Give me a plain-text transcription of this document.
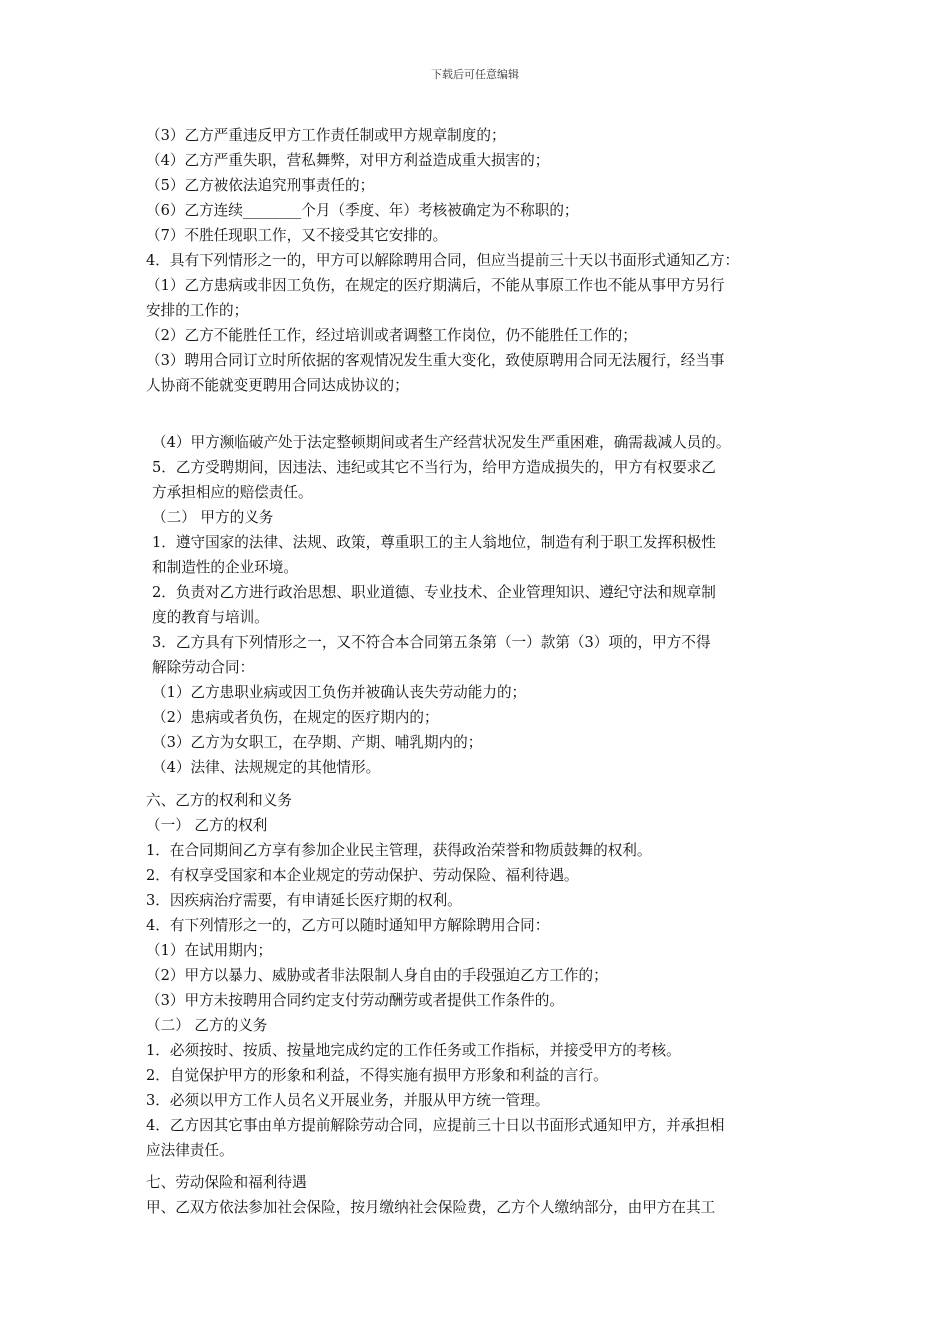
下载后可任意编辑
（3）乙方严重违反甲方工作责任制或甲方规章制度的；
（4）乙方严重失职，营私舞弊，对甲方利益造成重大损害的；
（5）乙方被依法追究刑事责任的；
（6）乙方连续________个月（季度、年）考核被确定为不称职的；
（7）不胜任现职工作，又不接受其它安排的。
4．具有下列情形之一的，甲方可以解除聘用合同，但应当提前三十天以书面形式通知乙方：
（1）乙方患病或非因工负伤，在规定的医疗期满后，不能从事原工作也不能从事甲方另行
安排的工作的；
（2）乙方不能胜任工作，经过培训或者调整工作岗位，仍不能胜任工作的；
（3）聘用合同订立时所依据的客观情况发生重大变化，致使原聘用合同无法履行，经当事
人协商不能就变更聘用合同达成协议的；
（4）甲方濒临破产处于法定整顿期间或者生产经营状况发生严重困难，确需裁减人员的。
5．乙方受聘期间，因违法、违纪或其它不当行为，给甲方造成损失的，甲方有权要求乙
方承担相应的赔偿责任。
（二） 甲方的义务
1．遵守国家的法律、法规、政策，尊重职工的主人翁地位，制造有利于职工发挥积极性
和制造性的企业环境。
2．负责对乙方进行政治思想、职业道德、专业技术、企业管理知识、遵纪守法和规章制
度的教育与培训。
3．乙方具有下列情形之一，又不符合本合同第五条第（一）款第（3）项的，甲方不得
解除劳动合同：
（1）乙方患职业病或因工负伤并被确认丧失劳动能力的；
（2）患病或者负伤，在规定的医疗期内的；
（3）乙方为女职工，在孕期、产期、哺乳期内的；
（4）法律、法规规定的其他情形。
六、乙方的权利和义务
（一） 乙方的权利
1．在合同期间乙方享有参加企业民主管理，获得政治荣誉和物质鼓舞的权利。
2．有权享受国家和本企业规定的劳动保护、劳动保险、福利待遇。
3．因疾病治疗需要，有申请延长医疗期的权利。
4．有下列情形之一的，乙方可以随时通知甲方解除聘用合同：
（1）在试用期内；
（2）甲方以暴力、威胁或者非法限制人身自由的手段强迫乙方工作的；
（3）甲方未按聘用合同约定支付劳动酬劳或者提供工作条件的。
（二） 乙方的义务
1．必须按时、按质、按量地完成约定的工作任务或工作指标，并接受甲方的考核。
2．自觉保护甲方的形象和利益，不得实施有损甲方形象和利益的言行。
3．必须以甲方工作人员名义开展业务，并服从甲方统一管理。
4．乙方因其它事由单方提前解除劳动合同，应提前三十日以书面形式通知甲方，并承担相
应法律责任。
七、劳动保险和福利待遇
甲、乙双方依法参加社会保险，按月缴纳社会保险费，乙方个人缴纳部分，由甲方在其工
